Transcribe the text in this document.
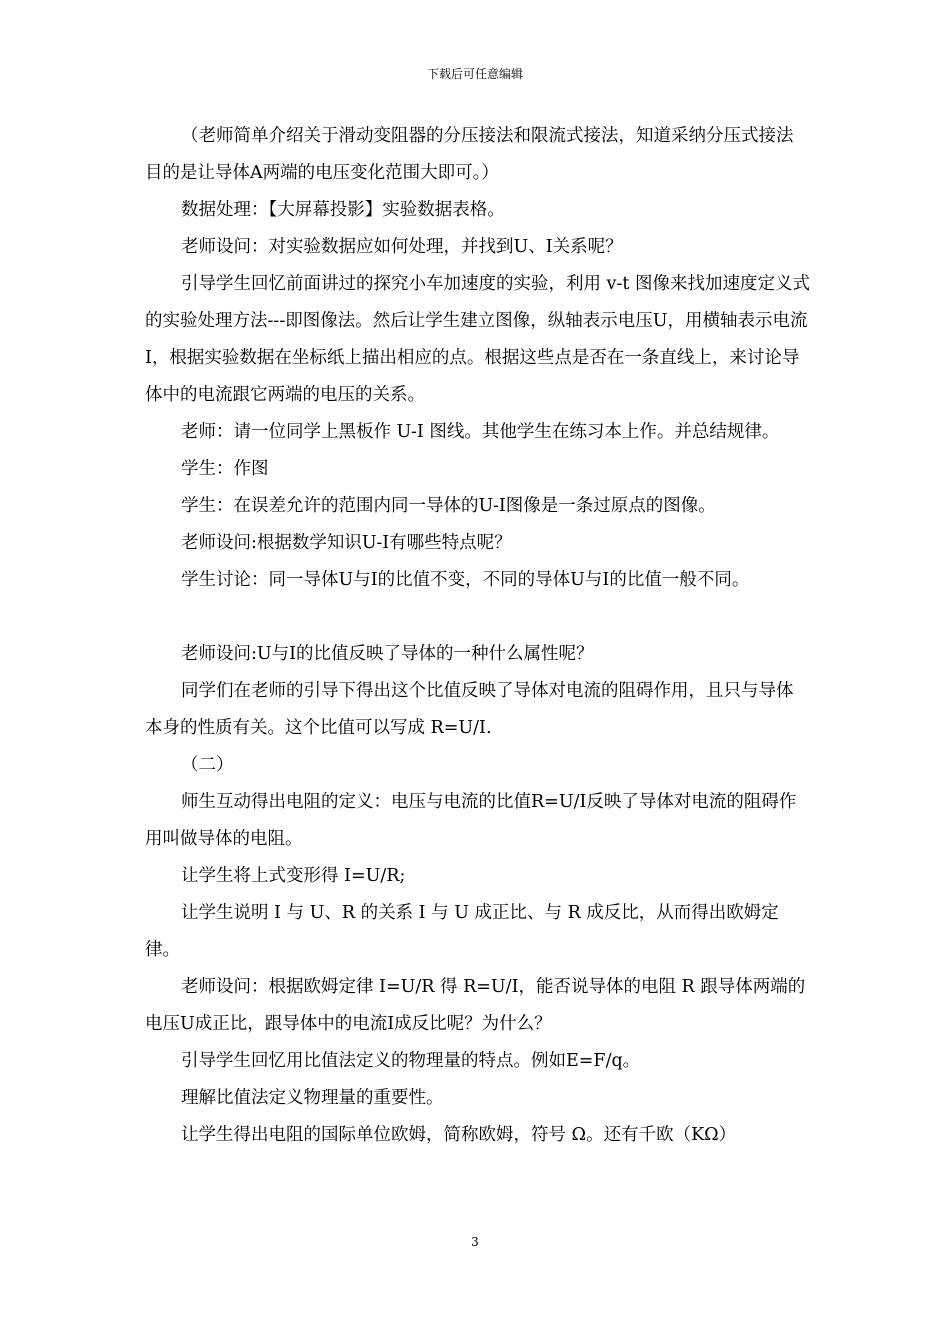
下载后可任意编辑

（老师简单介绍关于滑动变阻器的分压接法和限流式接法，知道采纳分压式接法目的是让导体A两端的电压变化范围大即可。）

数据处理：【大屏幕投影】实验数据表格。

老师设问：对实验数据应如何处理，并找到U、I关系呢？

引导学生回忆前面讲过的探究小车加速度的实验，利用 v-t 图像来找加速度定义式的实验处理方法---即图像法。然后让学生建立图像，纵轴表示电压U，用横轴表示电流 I，根据实验数据在坐标纸上描出相应的点。根据这些点是否在一条直线上，来讨论导体中的电流跟它两端的电压的关系。

老师：请一位同学上黑板作 U-I 图线。其他学生在练习本上作。并总结规律。

学生：作图

学生：在误差允许的范围内同一导体的U-I图像是一条过原点的图像。

老师设问:根据数学知识U-I有哪些特点呢？

学生讨论：同一导体U与I的比值不变，不同的导体U与I的比值一般不同。

老师设问:U与I的比值反映了导体的一种什么属性呢？

同学们在老师的引导下得出这个比值反映了导体对电流的阻碍作用，且只与导体本身的性质有关。这个比值可以写成 R=U/I.

（二）

师生互动得出电阻的定义：电压与电流的比值R=U/I反映了导体对电流的阻碍作用叫做导体的电阻。

让学生将上式变形得 I=U/R;

让学生说明 I 与 U、R 的关系 I 与 U 成正比、与 R 成反比，从而得出欧姆定律。

老师设问：根据欧姆定律 I=U/R 得 R=U/I，能否说导体的电阻 R 跟导体两端的电压U成正比，跟导体中的电流I成反比呢？为什么？

引导学生回忆用比值法定义的物理量的特点。例如E=F/q。

理解比值法定义物理量的重要性。

让学生得出电阻的国际单位欧姆，简称欧姆，符号 Ω。还有千欧（KΩ）

3
